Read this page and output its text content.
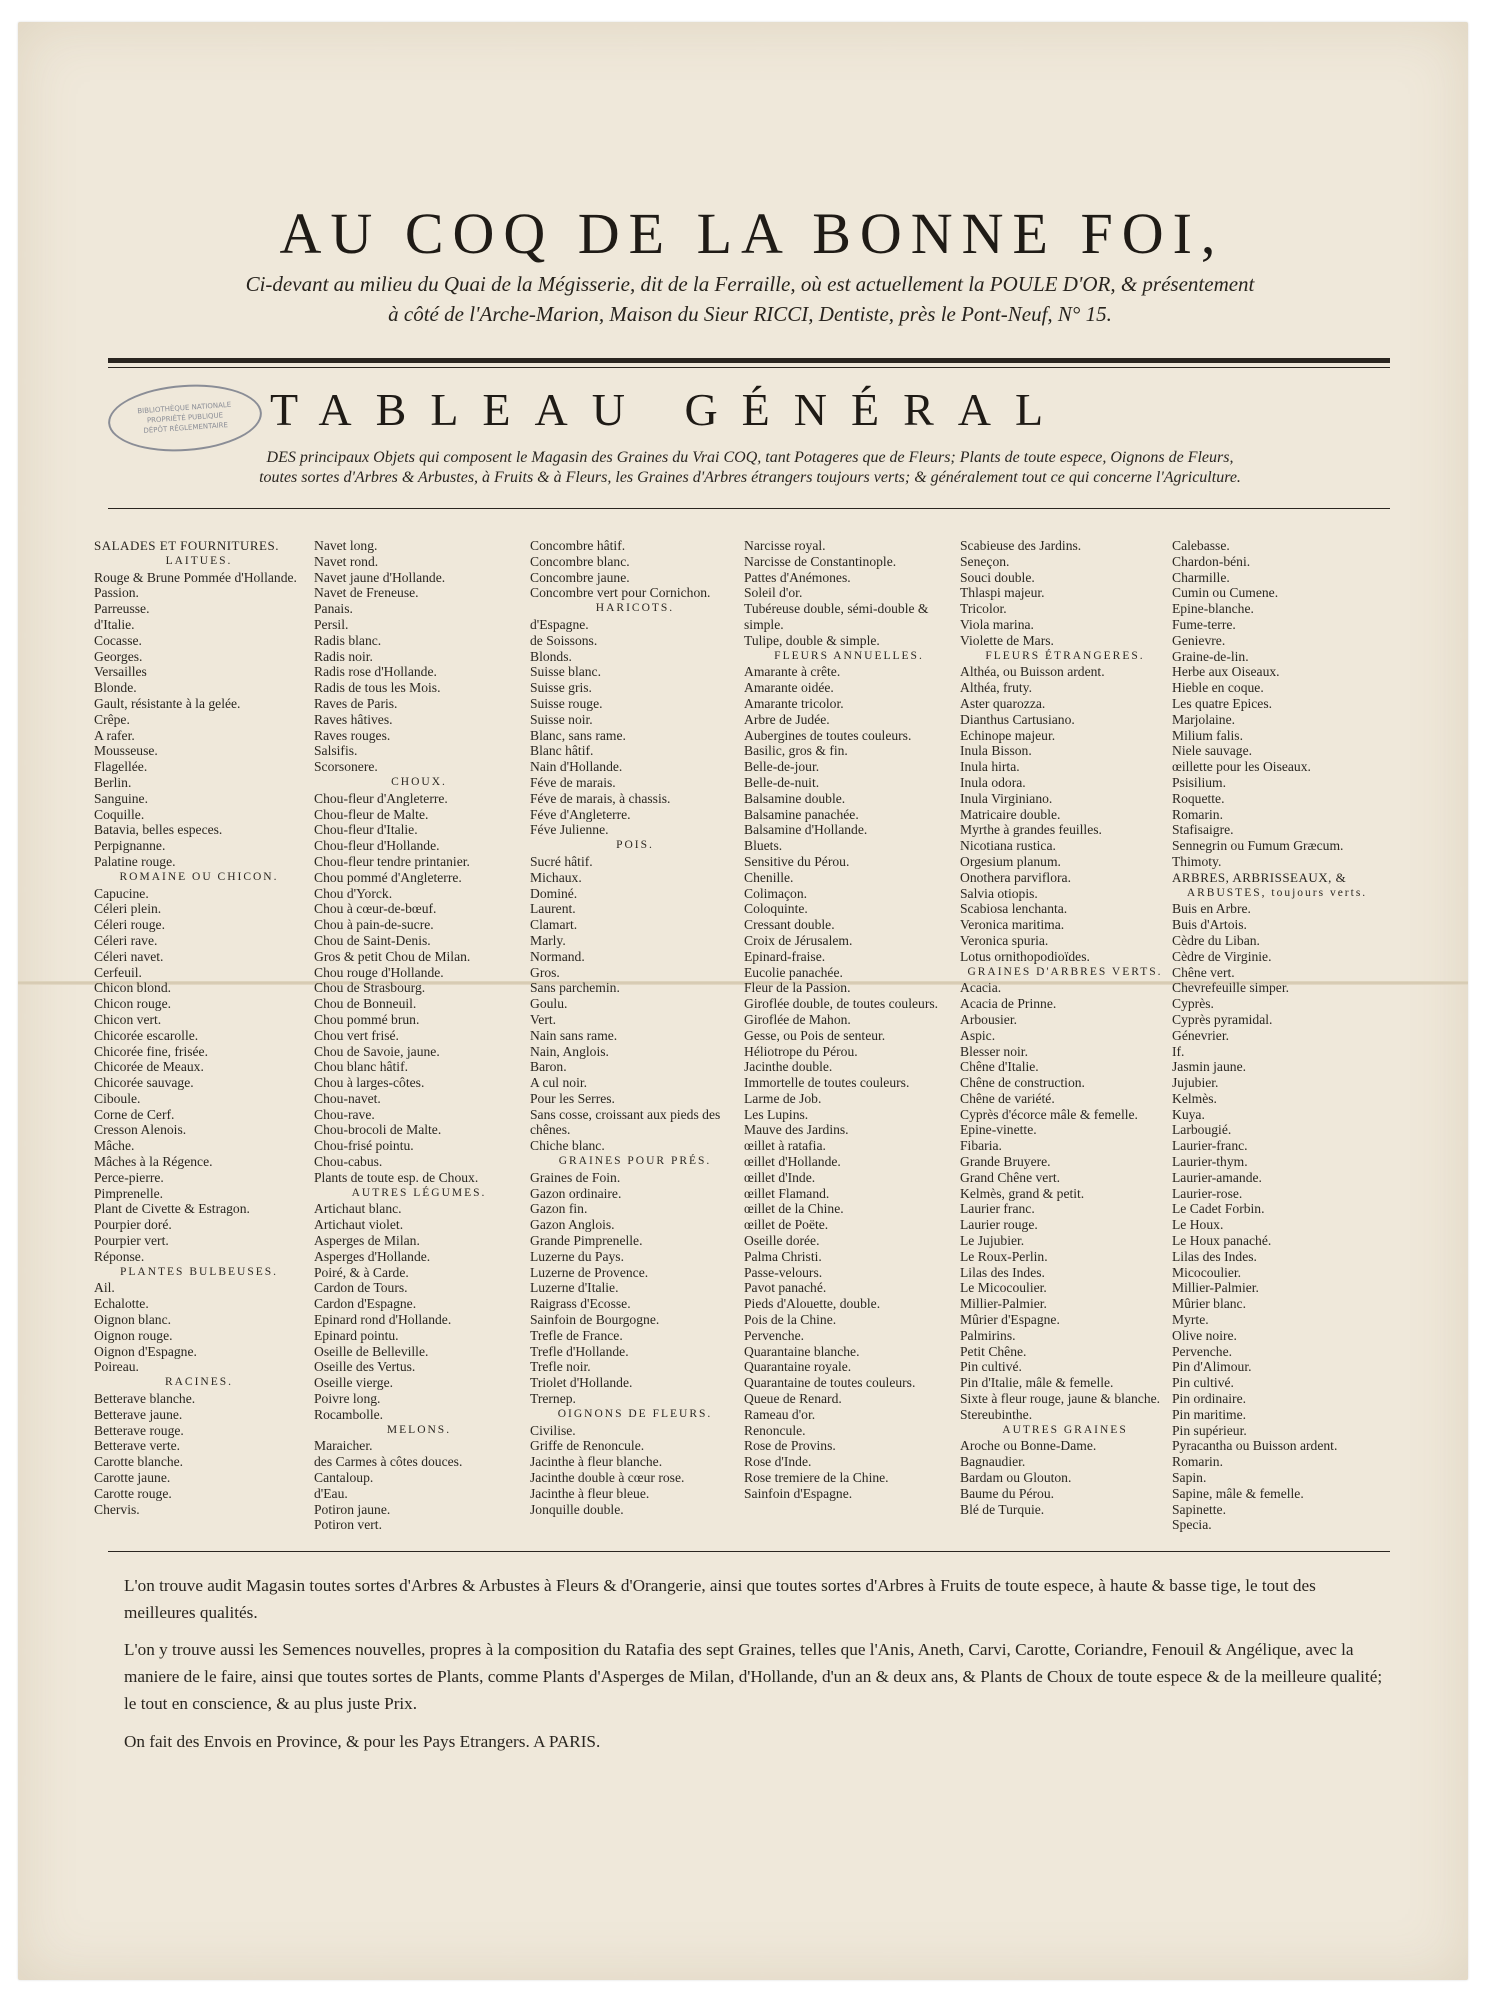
AU COQ DE LA BONNE FOI,
Ci-devant au milieu du Quai de la Mégisserie, dit de la Ferraille, où est actuellement la POULE D'OR, & présentement
à côté de l'Arche-Marion, Maison du Sieur RICCI, Dentiste, près le Pont-Neuf, N° 15.
BIBLIOTHÈQUE NATIONALE
PROPRIÉTÉ PUBLIQUE
DÉPÔT RÉGLEMENTAIRE TABLEAU GÉNÉRAL
DES principaux Objets qui composent le Magasin des Graines du Vrai COQ, tant Potageres que de Fleurs; Plants de toute espece, Oignons de Fleurs,
toutes sortes d'Arbres & Arbustes, à Fruits & à Fleurs, les Graines d'Arbres étrangers toujours verts; & généralement tout ce qui concerne l'Agriculture.
SALADES ET FOURNITURES.
LAITUES.
Rouge & Brune Pommée d'Hollande.
Passion.
Parreusse.
d'Italie.
Cocasse.
Georges.
Versailles
Blonde.
Gault, résistante à la gelée.
Crêpe.
A rafer.
Mousseuse.
Flagellée.
Berlin.
Sanguine.
Coquille.
Batavia, belles especes.
Perpignanne.
Palatine rouge.
ROMAINE OU CHICON.
Capucine.
Céleri plein.
Céleri rouge.
Céleri rave.
Céleri navet.
Cerfeuil.
Chicon blond.
Chicon rouge.
Chicon vert.
Chicorée escarolle.
Chicorée fine, frisée.
Chicorée de Meaux.
Chicorée sauvage.
Ciboule.
Corne de Cerf.
Cresson Alenois.
Mâche.
Mâches à la Régence.
Perce-pierre.
Pimprenelle.
Plant de Civette & Estragon.
Pourpier doré.
Pourpier vert.
Réponse.
PLANTES BULBEUSES.
Ail.
Echalotte.
Oignon blanc.
Oignon rouge.
Oignon d'Espagne.
Poireau.
RACINES.
Betterave blanche.
Betterave jaune.
Betterave rouge.
Betterave verte.
Carotte blanche.
Carotte jaune.
Carotte rouge.
Chervis.
Navet long.
Navet rond.
Navet jaune d'Hollande.
Navet de Freneuse.
Panais.
Persil.
Radis blanc.
Radis noir.
Radis rose d'Hollande.
Radis de tous les Mois.
Raves de Paris.
Raves hâtives.
Raves rouges.
Salsifis.
Scorsonere.
CHOUX.
Chou-fleur d'Angleterre.
Chou-fleur de Malte.
Chou-fleur d'Italie.
Chou-fleur d'Hollande.
Chou-fleur tendre printanier.
Chou pommé d'Angleterre.
Chou d'Yorck.
Chou à cœur-de-bœuf.
Chou à pain-de-sucre.
Chou de Saint-Denis.
Gros & petit Chou de Milan.
Chou rouge d'Hollande.
Chou de Strasbourg.
Chou de Bonneuil.
Chou pommé brun.
Chou vert frisé.
Chou de Savoie, jaune.
Chou blanc hâtif.
Chou à larges-côtes.
Chou-navet.
Chou-rave.
Chou-brocoli de Malte.
Chou-frisé pointu.
Chou-cabus.
Plants de toute esp. de Choux.
AUTRES LÉGUMES.
Artichaut blanc.
Artichaut violet.
Asperges de Milan.
Asperges d'Hollande.
Poiré, & à Carde.
Cardon de Tours.
Cardon d'Espagne.
Epinard rond d'Hollande.
Epinard pointu.
Oseille de Belleville.
Oseille des Vertus.
Oseille vierge.
Poivre long.
Rocambolle.
MELONS.
Maraicher.
des Carmes à côtes douces.
Cantaloup.
d'Eau.
Potiron jaune.
Potiron vert.
Concombre hâtif.
Concombre blanc.
Concombre jaune.
Concombre vert pour Cornichon.
HARICOTS.
d'Espagne.
de Soissons.
Blonds.
Suisse blanc.
Suisse gris.
Suisse rouge.
Suisse noir.
Blanc, sans rame.
Blanc hâtif.
Nain d'Hollande.
Féve de marais.
Féve de marais, à chassis.
Féve d'Angleterre.
Féve Julienne.
POIS.
Sucré hâtif.
Michaux.
Dominé.
Laurent.
Clamart.
Marly.
Normand.
Gros.
Sans parchemin.
Goulu.
Vert.
Nain sans rame.
Nain, Anglois.
Baron.
A cul noir.
Pour les Serres.
Sans cosse, croissant aux pieds des chênes.
Chiche blanc.
GRAINES POUR PRÉS.
Graines de Foin.
Gazon ordinaire.
Gazon fin.
Gazon Anglois.
Grande Pimprenelle.
Luzerne du Pays.
Luzerne de Provence.
Luzerne d'Italie.
Raigrass d'Ecosse.
Sainfoin de Bourgogne.
Trefle de France.
Trefle d'Hollande.
Trefle noir.
Triolet d'Hollande.
Trernep.
OIGNONS DE FLEURS.
Civilise.
Griffe de Renoncule.
Jacinthe à fleur blanche.
Jacinthe double à cœur rose.
Jacinthe à fleur bleue.
Jonquille double.
Narcisse royal.
Narcisse de Constantinople.
Pattes d'Anémones.
Soleil d'or.
Tubéreuse double, sémi-double & simple.
Tulipe, double & simple.
FLEURS ANNUELLES.
Amarante à crête.
Amarante oidée.
Amarante tricolor.
Arbre de Judée.
Aubergines de toutes couleurs.
Basilic, gros & fin.
Belle-de-jour.
Belle-de-nuit.
Balsamine double.
Balsamine panachée.
Balsamine d'Hollande.
Bluets.
Sensitive du Pérou.
Chenille.
Colimaçon.
Coloquinte.
Cressant double.
Croix de Jérusalem.
Epinard-fraise.
Eucolie panachée.
Fleur de la Passion.
Giroflée double, de toutes couleurs.
Giroflée de Mahon.
Gesse, ou Pois de senteur.
Héliotrope du Pérou.
Jacinthe double.
Immortelle de toutes couleurs.
Larme de Job.
Les Lupins.
Mauve des Jardins.
œillet à ratafia.
œillet d'Hollande.
œillet d'Inde.
œillet Flamand.
œillet de la Chine.
œillet de Poëte.
Oseille dorée.
Palma Christi.
Passe-velours.
Pavot panaché.
Pieds d'Alouette, double.
Pois de la Chine.
Pervenche.
Quarantaine blanche.
Quarantaine royale.
Quarantaine de toutes couleurs.
Queue de Renard.
Rameau d'or.
Renoncule.
Rose de Provins.
Rose d'Inde.
Rose tremiere de la Chine.
Sainfoin d'Espagne.
Scabieuse des Jardins.
Seneçon.
Souci double.
Thlaspi majeur.
Tricolor.
Viola marina.
Violette de Mars.
FLEURS ÉTRANGERES.
Althéa, ou Buisson ardent.
Althéa, fruty.
Aster quarozza.
Dianthus Cartusiano.
Echinope majeur.
Inula Bisson.
Inula hirta.
Inula odora.
Inula Virginiano.
Matricaire double.
Myrthe à grandes feuilles.
Nicotiana rustica.
Orgesium planum.
Onothera parviflora.
Salvia otiopis.
Scabiosa lenchanta.
Veronica maritima.
Veronica spuria.
Lotus ornithopodioïdes.
GRAINES D'ARBRES VERTS.
Acacia.
Acacia de Prinne.
Arbousier.
Aspic.
Blesser noir.
Chêne d'Italie.
Chêne de construction.
Chêne de variété.
Cyprès d'écorce mâle & femelle.
Epine-vinette.
Fibaria.
Grande Bruyere.
Grand Chêne vert.
Kelmès, grand & petit.
Laurier franc.
Laurier rouge.
Le Jujubier.
Le Roux-Perlin.
Lilas des Indes.
Le Micocoulier.
Millier-Palmier.
Mûrier d'Espagne.
Palmirins.
Petit Chêne.
Pin cultivé.
Pin d'Italie, mâle & femelle.
Sixte à fleur rouge, jaune & blanche.
Stereubinthe.
AUTRES GRAINES
Aroche ou Bonne-Dame.
Bagnaudier.
Bardam ou Glouton.
Baume du Pérou.
Blé de Turquie.
Calebasse.
Chardon-béni.
Charmille.
Cumin ou Cumene.
Epine-blanche.
Fume-terre.
Genievre.
Graine-de-lin.
Herbe aux Oiseaux.
Hieble en coque.
Les quatre Epices.
Marjolaine.
Milium falis.
Niele sauvage.
œillette pour les Oiseaux.
Psisilium.
Roquette.
Romarin.
Stafisaigre.
Sennegrin ou Fumum Græcum.
Thimoty.
ARBRES, ARBRISSEAUX, &
ARBUSTES, toujours verts.
Buis en Arbre.
Buis d'Artois.
Cèdre du Liban.
Cèdre de Virginie.
Chêne vert.
Chevrefeuille simper.
Cyprès.
Cyprès pyramidal.
Génevrier.
If.
Jasmin jaune.
Jujubier.
Kelmès.
Kuya.
Larbougié.
Laurier-franc.
Laurier-thym.
Laurier-amande.
Laurier-rose.
Le Cadet Forbin.
Le Houx.
Le Houx panaché.
Lilas des Indes.
Micocoulier.
Millier-Palmier.
Mûrier blanc.
Myrte.
Olive noire.
Pervenche.
Pin d'Alimour.
Pin cultivé.
Pin ordinaire.
Pin maritime.
Pin supérieur.
Pyracantha ou Buisson ardent.
Romarin.
Sapin.
Sapine, mâle & femelle.
Sapinette.
Specia.
L'on trouve audit Magasin toutes sortes d'Arbres & Arbustes à Fleurs & d'Orangerie, ainsi que toutes sortes d'Arbres à Fruits de toute espece, à haute & basse tige, le tout des meilleures qualités.
L'on y trouve aussi les Semences nouvelles, propres à la composition du Ratafia des sept Graines, telles que l'Anis, Aneth, Carvi, Carotte, Coriandre, Fenouil & Angélique, avec la maniere de le faire, ainsi que toutes sortes de Plants, comme Plants d'Asperges de Milan, d'Hollande, d'un an & deux ans, & Plants de Choux de toute espece & de la meilleure qualité; le tout en conscience, & au plus juste Prix.
On fait des Envois en Province, & pour les Pays Etrangers. A PARIS.
